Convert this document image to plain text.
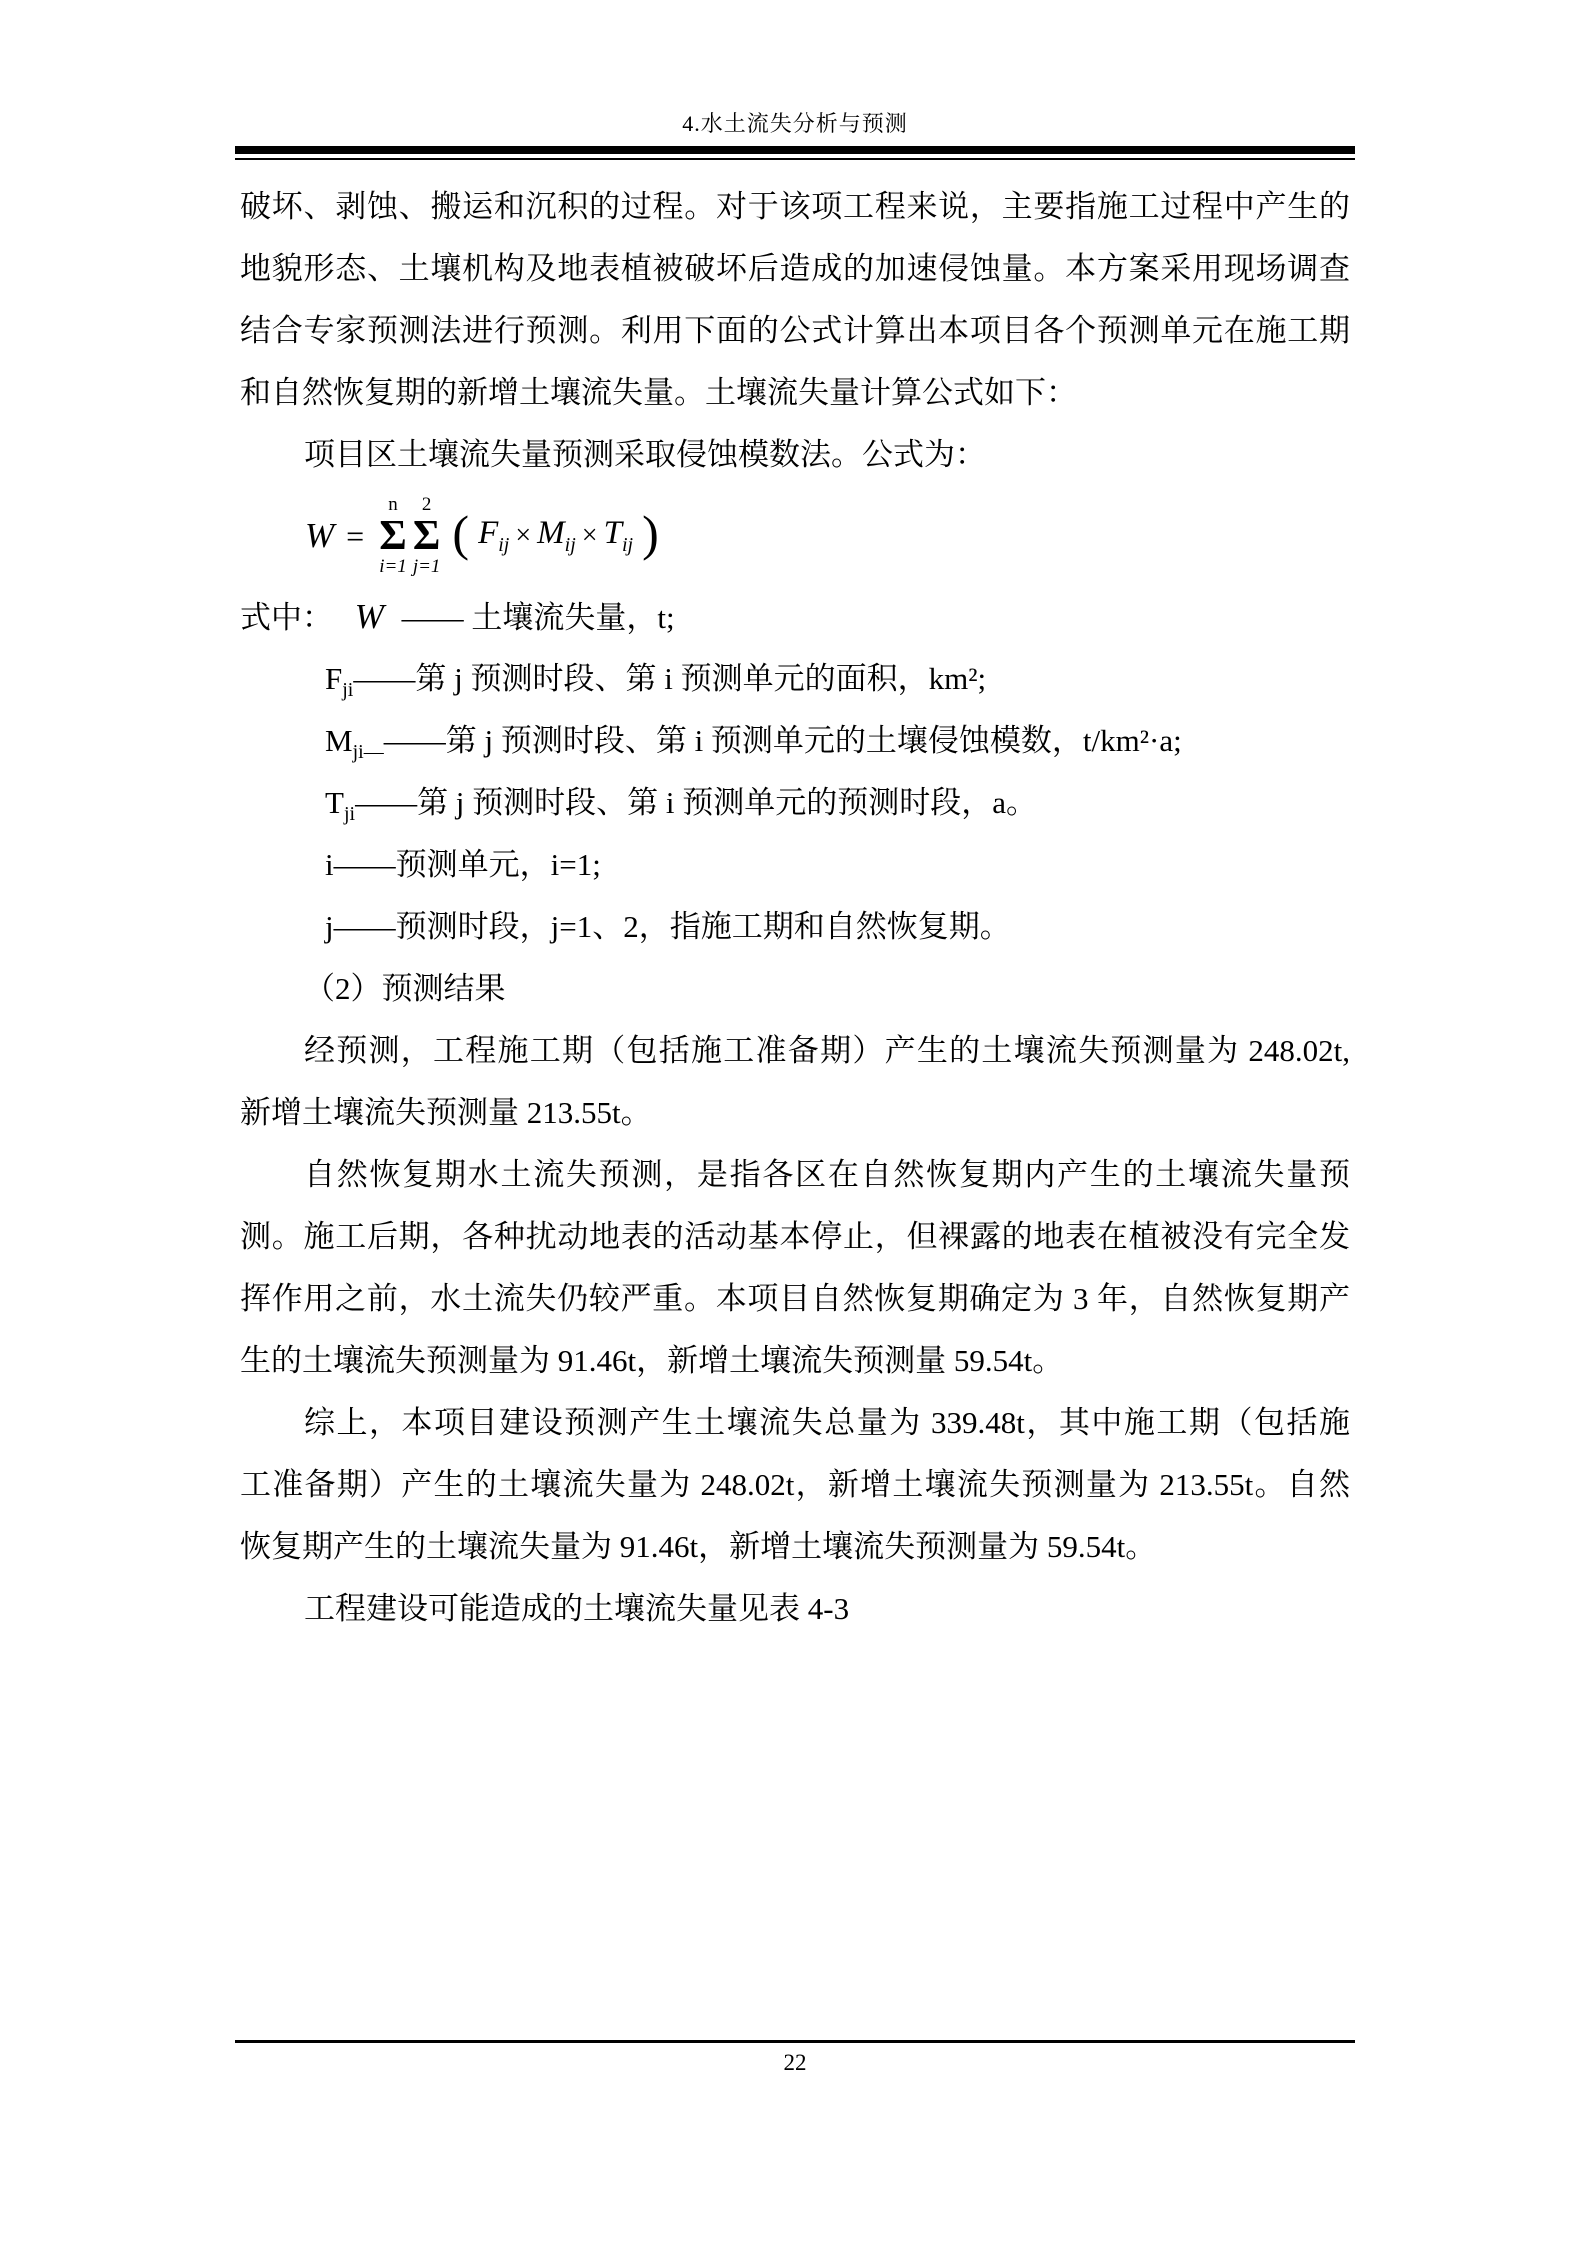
4.水土流失分析与预测
破坏、剥蚀、搬运和沉积的过程。对于该项工程来说，主要指施工过程中产生的
地貌形态、土壤机构及地表植被破坏后造成的加速侵蚀量。本方案采用现场调查
结合专家预测法进行预测。利用下面的公式计算出本项目各个预测单元在施工期
和自然恢复期的新增土壤流失量。土壤流失量计算公式如下：
项目区土壤流失量预测采取侵蚀模数法。公式为：
W =
n
Σ
i=1
2
Σ
j=1
( $F_{ij} \times M_{ij} \times T_{ij}$ )
式中： W —— 土壤流失量，t;
$F_{ji}——$第 j 预测时段、第 i 预测单元的面积，km²;
$M_{ji—}——$第 j 预测时段、第 i 预测单元的土壤侵蚀模数，t/km²·a;
$T_{ji}——$第 j 预测时段、第 i 预测单元的预测时段，a。
i——预测单元，i=1;
j——预测时段，j=1、2，指施工期和自然恢复期。
（2）预测结果
经预测，工程施工期（包括施工准备期）产生的土壤流失预测量为 248.02t,
新增土壤流失预测量 213.55t。
自然恢复期水土流失预测，是指各区在自然恢复期内产生的土壤流失量预
测。施工后期，各种扰动地表的活动基本停止，但裸露的地表在植被没有完全发
挥作用之前，水土流失仍较严重。本项目自然恢复期确定为 3 年，自然恢复期产
生的土壤流失预测量为 91.46t，新增土壤流失预测量 59.54t。
综上，本项目建设预测产生土壤流失总量为 339.48t，其中施工期（包括施
工准备期）产生的土壤流失量为 248.02t，新增土壤流失预测量为 213.55t。自然
恢复期产生的土壤流失量为 91.46t，新增土壤流失预测量为 59.54t。
工程建设可能造成的土壤流失量见表 4-3
22
